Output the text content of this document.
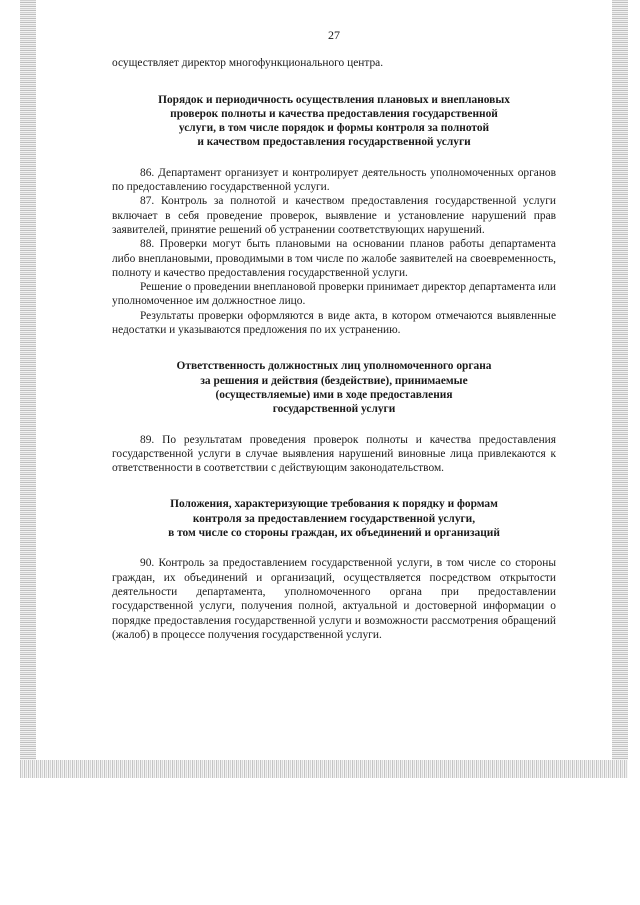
27

осуществляет директор многофункционального центра.

Порядок и периодичность осуществления плановых и внеплановых
проверок полноты и качества предоставления государственной
услуги, в том числе порядок и формы контроля за полнотой
и качеством предоставления государственной услуги

86. Департамент организует и контролирует деятельность уполномоченных органов по предоставлению государственной услуги.

87. Контроль за полнотой и качеством предоставления государственной услуги включает в себя проведение проверок, выявление и установление нарушений прав заявителей, принятие решений об устранении соответствующих нарушений.

88. Проверки могут быть плановыми на основании планов работы департамента либо внеплановыми, проводимыми в том числе по жалобе заявителей на своевременность, полноту и качество предоставления государственной услуги.

Решение о проведении внеплановой проверки принимает директор департамента или уполномоченное им должностное лицо.

Результаты проверки оформляются в виде акта, в котором отмечаются выявленные недостатки и указываются предложения по их устранению.

Ответственность должностных лиц уполномоченного органа
за решения и действия (бездействие), принимаемые
(осуществляемые) ими в ходе предоставления
государственной услуги

89. По результатам проведения проверок полноты и качества предоставления государственной услуги в случае выявления нарушений виновные лица привлекаются к ответственности в соответствии с действующим законодательством.

Положения, характеризующие требования к порядку и формам
контроля за предоставлением государственной услуги,
в том числе со стороны граждан, их объединений и организаций

90. Контроль за предоставлением государственной услуги, в том числе со стороны граждан, их объединений и организаций, осуществляется посредством открытости деятельности департамента, уполномоченного органа при предоставлении государственной услуги, получения полной, актуальной и достоверной информации о порядке предоставления государственной услуги и возможности рассмотрения обращений (жалоб) в процессе получения государственной услуги.
